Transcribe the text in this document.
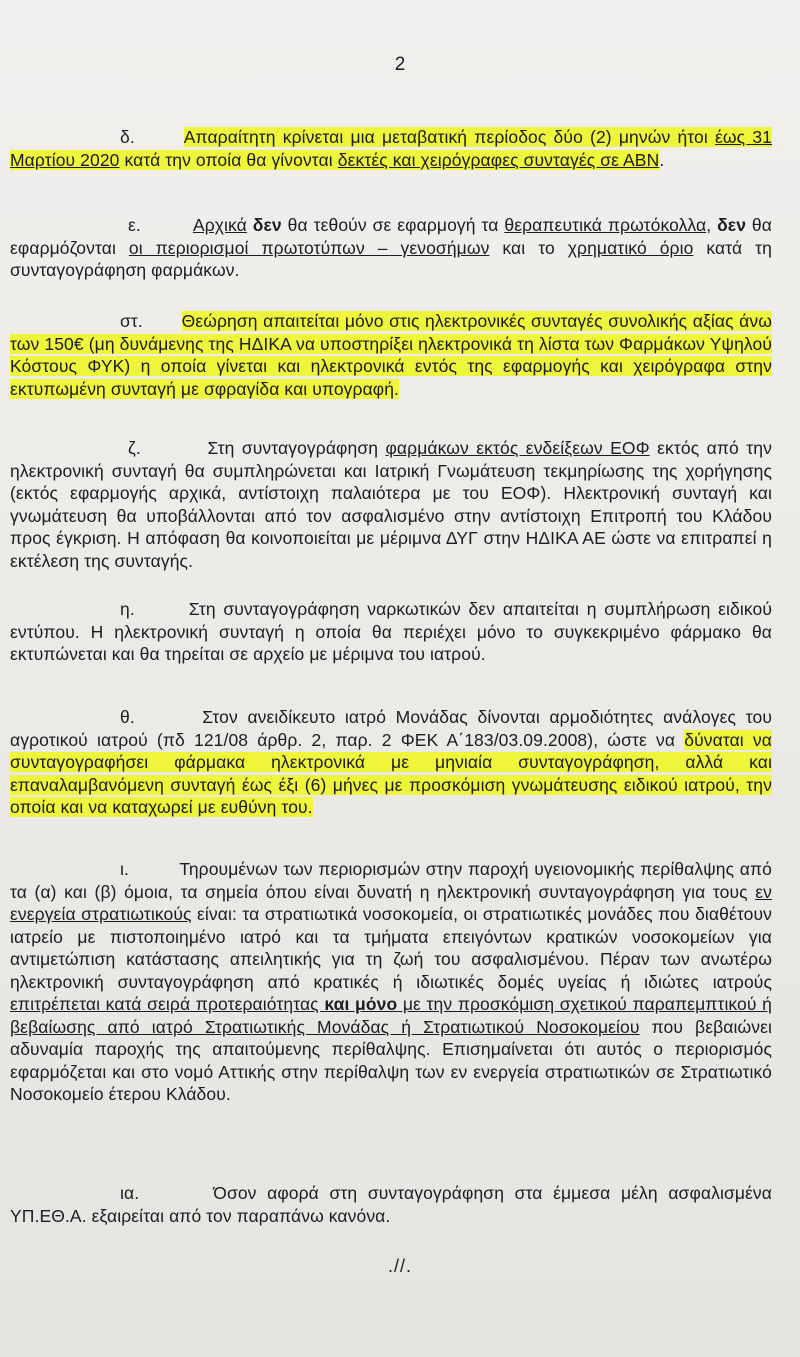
2
δ.	Απαραίτητη κρίνεται μια μεταβατική περίοδος δύο (2) μηνών ήτοι έως 31 Μαρτίου 2020 κατά την οποία θα γίνονται δεκτές και χειρόγραφες συνταγές σε ΑΒΝ.
ε.	Αρχικά δεν θα τεθούν σε εφαρμογή τα θεραπευτικά πρωτόκολλα, δεν θα εφαρμόζονται οι περιορισμοί πρωτοτύπων – γενοσήμων και το χρηματικό όριο κατά τη συνταγογράφηση φαρμάκων.
στ. Θεώρηση απαιτείται μόνο στις ηλεκτρονικές συνταγές συνολικής αξίας άνω των 150€ (μη δυνάμενης της ΗΔΙΚΑ να υποστηρίξει ηλεκτρονικά τη λίστα των Φαρμάκων Υψηλού Κόστους ΦΥΚ) η οποία γίνεται και ηλεκτρονικά εντός της εφαρμογής και χειρόγραφα στην εκτυπωμένη συνταγή με σφραγίδα και υπογραφή.
ζ.	Στη συνταγογράφηση φαρμάκων εκτός ενδείξεων ΕΟΦ εκτός από την ηλεκτρονική συνταγή θα συμπληρώνεται και Ιατρική Γνωμάτευση τεκμηρίωσης της χορήγησης (εκτός εφαρμογής αρχικά, αντίστοιχη παλαιότερα με του ΕΟΦ). Ηλεκτρονική συνταγή και γνωμάτευση θα υποβάλλονται από τον ασφαλισμένο στην αντίστοιχη Επιτροπή του Κλάδου προς έγκριση. Η απόφαση θα κοινοποιείται με μέριμνα ΔΥΓ στην ΗΔΙΚΑ ΑΕ ώστε να επιτραπεί η εκτέλεση της συνταγής.
η.	Στη συνταγογράφηση ναρκωτικών δεν απαιτείται η συμπλήρωση ειδικού εντύπου. Η ηλεκτρονική συνταγή η οποία θα περιέχει μόνο το συγκεκριμένο φάρμακο θα εκτυπώνεται και θα τηρείται σε αρχείο με μέριμνα του ιατρού.
θ.	Στον ανειδίκευτο ιατρό Μονάδας δίνονται αρμοδιότητες ανάλογες του αγροτικού ιατρού (πδ 121/08 άρθρ. 2, παρ. 2 ΦΕΚ Α΄183/03.09.2008), ώστε να δύναται να συνταγογραφήσει φάρμακα ηλεκτρονικά με μηνιαία συνταγογράφηση, αλλά και επαναλαμβανόμενη συνταγή έως έξι (6) μήνες με προσκόμιση γνωμάτευσης ειδικού ιατρού, την οποία και να καταχωρεί με ευθύνη του.
ι.	Τηρουμένων των περιορισμών στην παροχή υγειονομικής περίθαλψης από τα (α) και (β) όμοια, τα σημεία όπου είναι δυνατή η ηλεκτρονική συνταγογράφηση για τους εν ενεργεία στρατιωτικούς είναι: τα στρατιωτικά νοσοκομεία, οι στρατιωτικές μονάδες που διαθέτουν ιατρείο με πιστοποιημένο ιατρό και τα τμήματα επειγόντων κρατικών νοσοκομείων για αντιμετώπιση κατάστασης απειλητικής για τη ζωή του ασφαλισμένου. Πέραν των ανωτέρω ηλεκτρονική συνταγογράφηση από κρατικές ή ιδιωτικές δομές υγείας ή ιδιώτες ιατρούς επιτρέπεται κατά σειρά προτεραιότητας και μόνο με την προσκόμιση σχετικού παραπεμπτικού ή βεβαίωσης από ιατρό Στρατιωτικής Μονάδας ή Στρατιωτικού Νοσοκομείου που βεβαιώνει αδυναμία παροχής της απαιτούμενης περίθαλψης. Επισημαίνεται ότι αυτός ο περιορισμός εφαρμόζεται και στο νομό Αττικής στην περίθαλψη των εν ενεργεία στρατιωτικών σε Στρατιωτικό Νοσοκομείο έτερου Κλάδου.
ια.	Όσον αφορά στη συνταγογράφηση στα έμμεσα μέλη ασφαλισμένα ΥΠ.ΕΘ.Α. εξαιρείται από τον παραπάνω κανόνα.
.//.
